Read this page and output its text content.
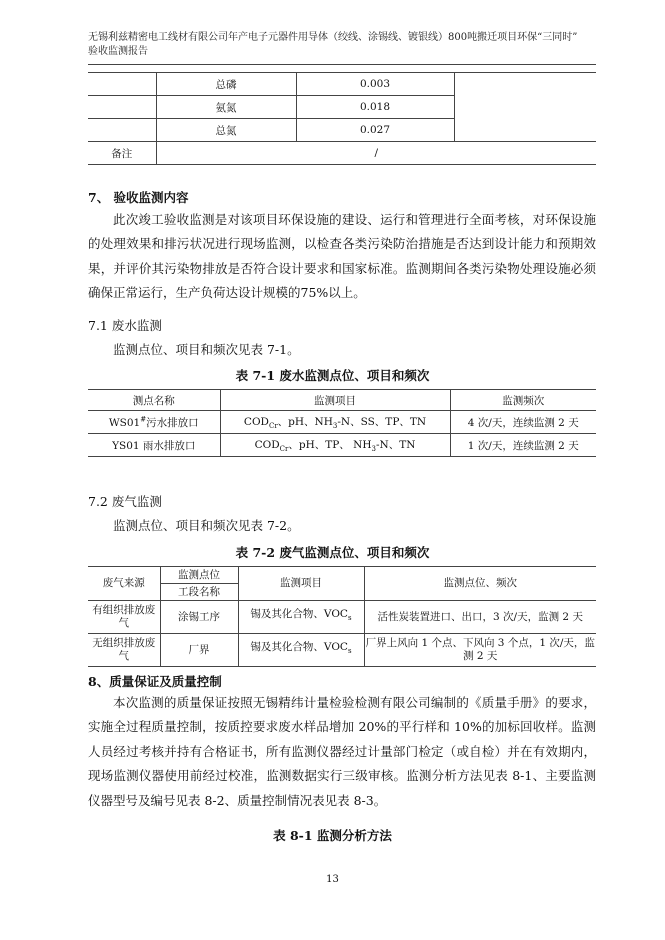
无锡利兹精密电工线材有限公司年产电子元器件用导体（绞线、涂锡线、镀银线）800吨搬迁项目环保“三同时”
验收监测报告
	总磷	0.003	
	氨氮	0.018	
	总氮	0.027	
备注	/		
7、 验收监测内容
此次竣工验收监测是对该项目环保设施的建设、运行和管理进行全面考核，对环保设施的处理效果和排污状况进行现场监测，以检查各类污染防治措施是否达到设计能力和预期效果，并评价其污染物排放是否符合设计要求和国家标准。监测期间各类污染物处理设施必须确保正常运行，生产负荷达设计规模的75%以上。
7.1 废水监测
监测点位、项目和频次见表 7-1。
表 7-1 废水监测点位、项目和频次
测点名称	监测项目	监测频次
WS01#污水排放口	$COD_{Cr}$、pH、$NH_3-N$、SS、TP、TN	4 次/天，连续监测 2 天
YS01 雨水排放口	$COD_{Cr}$、pH、TP、 $NH_3-N$、TN	1 次/天，连续监测 2 天
7.2 废气监测
监测点位、项目和频次见表 7-2。
表 7-2 废气监测点位、项目和频次
废气来源	监测点位	监测项目	监测点位、频次
	工段名称		
有组织排放废气	涂锡工序	锡及其化合物、$VOC_s$	活性炭装置进口、出口，3 次/天，监测 2 天
无组织排放废气	厂界	锡及其化合物、$VOC_s$	厂界上风向 1 个点、下风向 3 个点，1 次/天，监测 2 天
8、质量保证及质量控制
本次监测的质量保证按照无锡精纬计量检验检测有限公司编制的《质量手册》的要求，实施全过程质量控制，按质控要求废水样品增加 20%的平行样和 10%的加标回收样。监测人员经过考核并持有合格证书，所有监测仪器经过计量部门检定（或自检）并在有效期内，现场监测仪器使用前经过校准，监测数据实行三级审核。监测分析方法见表 8-1、主要监测仪器型号及编号见表 8-2、质量控制情况表见表 8-3。
表 8-1 监测分析方法
13
